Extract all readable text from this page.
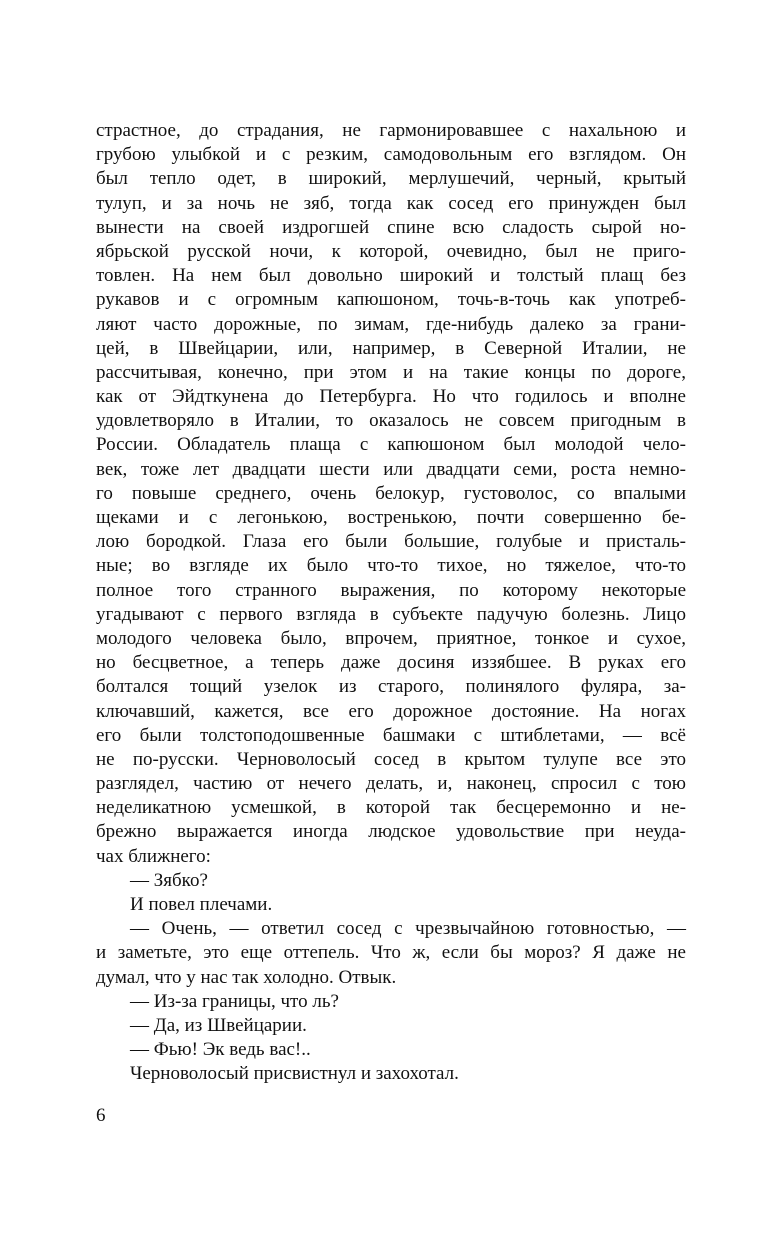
страстное, до страдания, не гармонировавшее с нахальною и
грубою улыбкой и с резким, самодовольным его взглядом. Он
был тепло одет, в широкий, мерлушечий, черный, крытый
тулуп, и за ночь не зяб, тогда как сосед его принужден был
вынести на своей издрогшей спине всю сладость сырой но-
ябрьской русской ночи, к которой, очевидно, был не приго-
товлен. На нем был довольно широкий и толстый плащ без
рукавов и с огромным капюшоном, точь-в-точь как употреб-
ляют часто дорожные, по зимам, где-нибудь далеко за грани-
цей, в Швейцарии, или, например, в Северной Италии, не
рассчитывая, конечно, при этом и на такие концы по дороге,
как от Эйдткунена до Петербурга. Но что годилось и вполне
удовлетворяло в Италии, то оказалось не совсем пригодным в
России. Обладатель плаща с капюшоном был молодой чело-
век, тоже лет двадцати шести или двадцати семи, роста немно-
го повыше среднего, очень белокур, густоволос, со впалыми
щеками и с легонькою, востренькою, почти совершенно бе-
лою бородкой. Глаза его были большие, голубые и присталь-
ные; во взгляде их было что-то тихое, но тяжелое, что-то
полное того странного выражения, по которому некоторые
угадывают с первого взгляда в субъекте падучую болезнь. Лицо
молодого человека было, впрочем, приятное, тонкое и сухое,
но бесцветное, а теперь даже досиня иззябшее. В руках его
болтался тощий узелок из старого, полинялого фуляра, за-
ключавший, кажется, все его дорожное достояние. На ногах
его были толстоподошвенные башмаки с штиблетами, — всё
не по-русски. Черноволосый сосед в крытом тулупе все это
разглядел, частию от нечего делать, и, наконец, спросил с тою
неделикатною усмешкой, в которой так бесцеремонно и не-
брежно выражается иногда людское удовольствие при неуда-
чах ближнего:
— Зябко?
И повел плечами.
— Очень, — ответил сосед с чрезвычайною готовностью, —
и заметьте, это еще оттепель. Что ж, если бы мороз? Я даже не
думал, что у нас так холодно. Отвык.
— Из-за границы, что ль?
— Да, из Швейцарии.
— Фью! Эк ведь вас!..
Черноволосый присвистнул и захохотал.
6
